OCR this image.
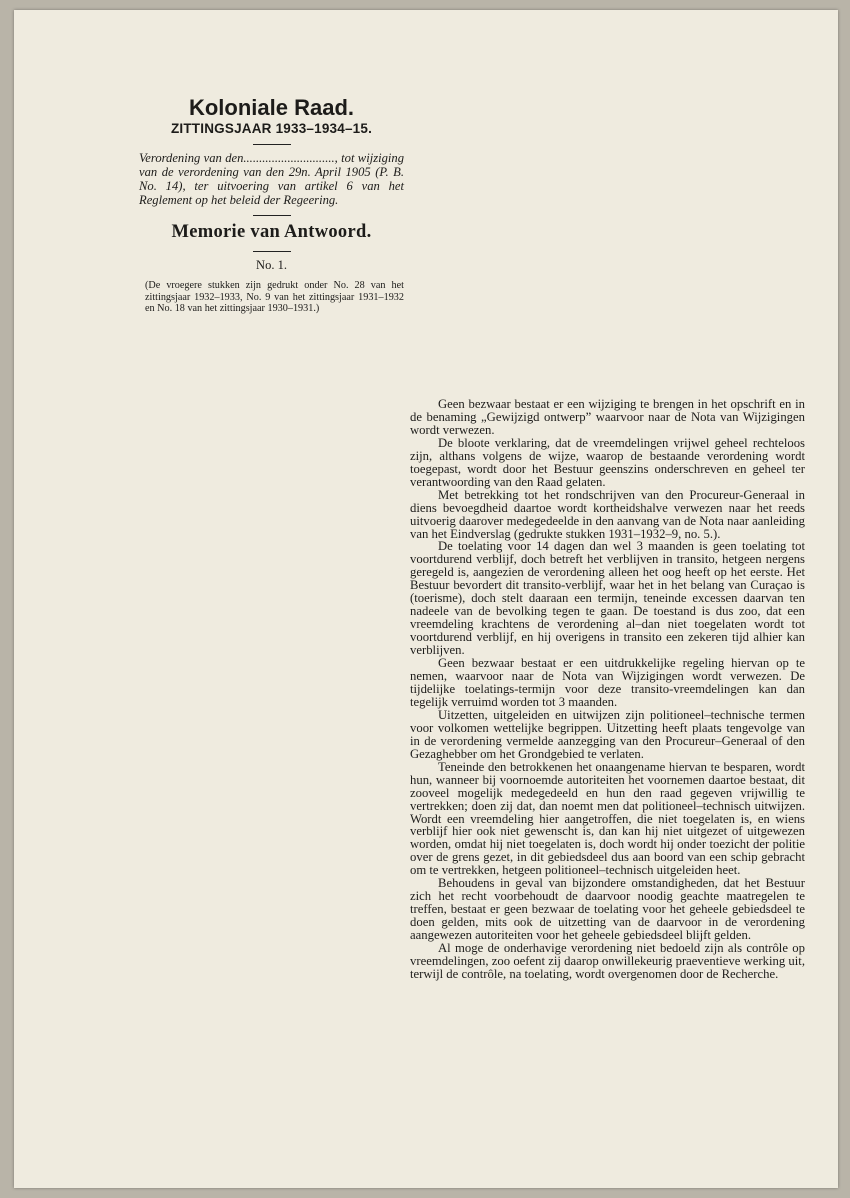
Koloniale Raad.
ZITTINGSJAAR 1933–1934–15.

Verordening van den............................., tot wijziging van de verordening van den 29n. April 1905 (P. B. No. 14), ter uitvoering van artikel 6 van het Reglement op het beleid der Regeering.

Memorie van Antwoord.
No. 1.

(De vroegere stukken zijn gedrukt onder No. 28 van het zittingsjaar 1932–1933, No. 9 van het zittingsjaar 1931–1932 en No. 18 van het zittingsjaar 1930–1931.)

Geen bezwaar bestaat er een wijziging te brengen in het opschrift en in de benaming „Gewijzigd ontwerp” waarvoor naar de Nota van Wijzigingen wordt verwezen.

De bloote verklaring, dat de vreemdelingen vrijwel geheel rechteloos zijn, althans volgens de wijze, waarop de bestaande verordening wordt toegepast, wordt door het Bestuur geenszins onderschreven en geheel ter verantwoording van den Raad gelaten.

Met betrekking tot het rondschrijven van den Procureur-Generaal in diens bevoegdheid daartoe wordt kortheidshalve verwezen naar het reeds uitvoerig daarover medegedeelde in den aanvang van de Nota naar aanleiding van het Eindverslag (gedrukte stukken 1931–1932–9, no. 5.).

De toelating voor 14 dagen dan wel 3 maanden is geen toelating tot voortdurend verblijf, doch betreft het verblijven in transito, hetgeen nergens geregeld is, aangezien de verordening alleen het oog heeft op het eerste. Het Bestuur bevordert dit transito-verblijf, waar het in het belang van Curaçao is (toerisme), doch stelt daaraan een termijn, teneinde excessen daarvan ten nadeele van de bevolking tegen te gaan. De toestand is dus zoo, dat een vreemdeling krachtens de verordening al–dan niet toegelaten wordt tot voortdurend verblijf, en hij overigens in transito een zekeren tijd alhier kan verblijven.

Geen bezwaar bestaat er een uitdrukkelijke regeling hiervan op te nemen, waarvoor naar de Nota van Wijzigingen wordt verwezen. De tijdelijke toelatings-termijn voor deze transito-vreemdelingen kan dan tegelijk verruimd worden tot 3 maanden.

Uitzetten, uitgeleiden en uitwijzen zijn politioneel–technische termen voor volkomen wettelijke begrippen. Uitzetting heeft plaats tengevolge van in de verordening vermelde aanzegging van den Procureur–Generaal of den Gezaghebber om het Grondgebied te verlaten.

Teneinde den betrokkenen het onaangename hiervan te besparen, wordt hun, wanneer bij voornoemde autoriteiten het voornemen daartoe bestaat, dit zooveel mogelijk medegedeeld en hun den raad gegeven vrijwillig te vertrekken; doen zij dat, dan noemt men dat politioneel–technisch uitwijzen. Wordt een vreemdeling hier aangetroffen, die niet toegelaten is, en wiens verblijf hier ook niet gewenscht is, dan kan hij niet uitgezet of uitgewezen worden, omdat hij niet toegelaten is, doch wordt hij onder toezicht der politie over de grens gezet, in dit gebiedsdeel dus aan boord van een schip gebracht om te vertrekken, hetgeen politioneel–technisch uitgeleiden heet.

Behoudens in geval van bijzondere omstandigheden, dat het Bestuur zich het recht voorbehoudt de daarvoor noodig geachte maatregelen te treffen, bestaat er geen bezwaar de toelating voor het geheele gebiedsdeel te doen gelden, mits ook de uitzetting van de daarvoor in de verordening aangewezen autoriteiten voor het geheele gebiedsdeel blijft gelden.

Al moge de onderhavige verordening niet bedoeld zijn als contrôle op vreemdelingen, zoo oefent zij daarop onwillekeurig praeventieve werking uit, terwijl de contrôle, na toelating, wordt overgenomen door de Recherche.
